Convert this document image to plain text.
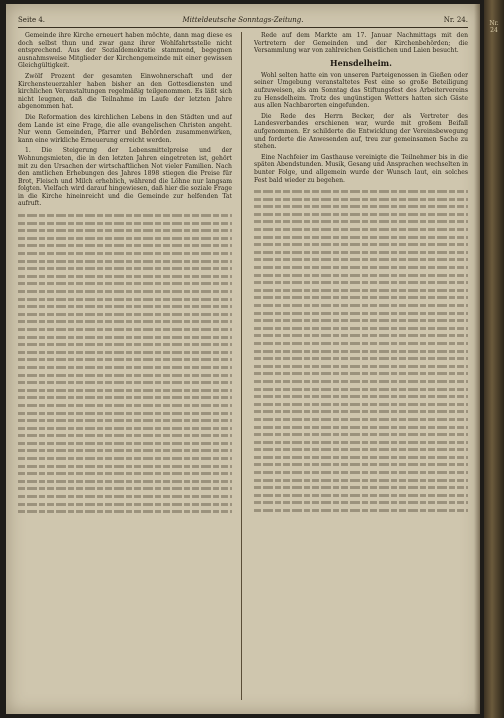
Seite 4.	Mitteldeutsche Sonntags-Zeitung.	Nr. 24.

Gemeinde ihre Kirche erneuert haben möchte, dann mag diese es doch selbst thun und zwar ganz ihrer Wohlfahrtsstelle nicht entsprechend. Aus der Sozialdemokratie stammend, begegnen ausnahmsweise Mitglieder der Kirchengemeinde mit einer gewissen Gleichgültigkeit.

Zwölf Prozent der gesamten Einwohnerschaft und der Kirchensteuerzahler haben bisher an den Gottesdiensten und kirchlichen Veranstaltungen regelmäßig teilgenommen. Es läßt sich nicht leugnen, daß die Teilnahme im Laufe der letzten Jahre abgenommen hat.

Die Reformation des kirchlichen Lebens in den Städten und auf dem Lande ist eine Frage, die alle evangelischen Christen angeht. Nur wenn Gemeinden, Pfarrer und Behörden zusammenwirken, kann eine wirkliche Erneuerung erreicht werden.

1. Die Steigerung der Lebensmittelpreise und der Wohnungsmieten, die in den letzten Jahren eingetreten ist, gehört mit zu den Ursachen der wirtschaftlichen Not vieler Familien. Nach den amtlichen Erhebungen des Jahres 1898 stiegen die Preise für Brot, Fleisch und Milch erheblich, während die Löhne nur langsam folgten. Vielfach wird darauf hingewiesen, daß hier die soziale Frage in die Kirche hineinreicht und die Gemeinde zur helfenden Tat aufruft.

Rede auf dem Markte am 17. Januar Nachmittags mit den Vertretern der Gemeinden und der Kirchenbehörden; die Versammlung war von zahlreichen Geistlichen und Laien besucht.

Hensdelheim.

Wohl selten hatte ein von unseren Parteigenossen in Gießen oder seiner Umgebung veranstaltetes Fest eine so große Beteiligung aufzuweisen, als am Sonntag das Stiftungsfest des Arbeitervereins zu Hensdelheim. Trotz des ungünstigen Wetters hatten sich Gäste aus allen Nachbarorten eingefunden.

Die Rede des Herrn Becker, der als Vertreter des Landesverbandes erschienen war, wurde mit großem Beifall aufgenommen. Er schilderte die Entwicklung der Vereinsbewegung und forderte die Anwesenden auf, treu zur gemeinsamen Sache zu stehen.

Eine Nachfeier im Gasthause vereinigte die Teilnehmer bis in die späten Abendstunden. Musik, Gesang und Ansprachen wechselten in bunter Folge, und allgemein wurde der Wunsch laut, ein solches Fest bald wieder zu begehen.

Nr. 24
